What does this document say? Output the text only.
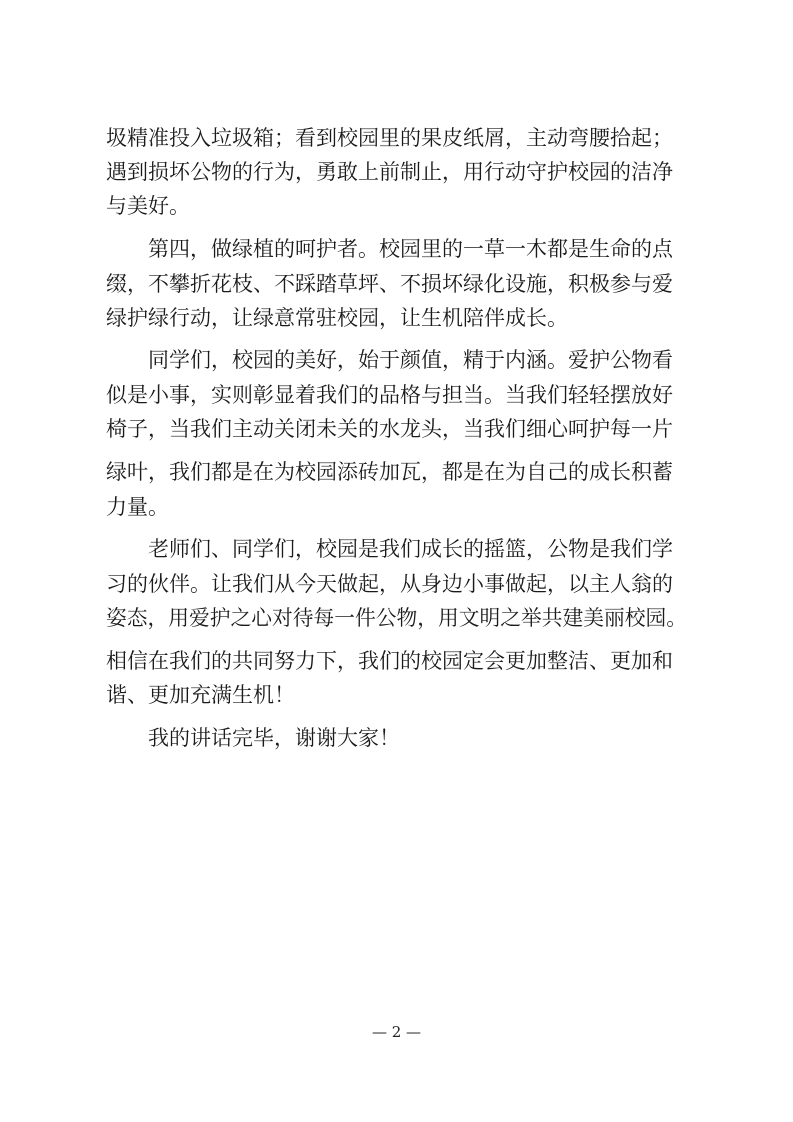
圾精准投入垃圾箱；看到校园里的果皮纸屑，主动弯腰拾起；
遇到损坏公物的行为，勇敢上前制止，用行动守护校园的洁净
与美好。
第四，做绿植的呵护者。校园里的一草一木都是生命的点
缀，不攀折花枝、不踩踏草坪、不损坏绿化设施，积极参与爱
绿护绿行动，让绿意常驻校园，让生机陪伴成长。
同学们，校园的美好，始于颜值，精于内涵。爱护公物看
似是小事，实则彰显着我们的品格与担当。当我们轻轻摆放好
椅子，当我们主动关闭未关的水龙头，当我们细心呵护每一片
绿叶，我们都是在为校园添砖加瓦，都是在为自己的成长积蓄
力量。
老师们、同学们，校园是我们成长的摇篮，公物是我们学
习的伙伴。让我们从今天做起，从身边小事做起，以主人翁的
姿态，用爱护之心对待每一件公物，用文明之举共建美丽校园。
相信在我们的共同努力下，我们的校园定会更加整洁、更加和
谐、更加充满生机！
我的讲话完毕，谢谢大家！
— 2 —
